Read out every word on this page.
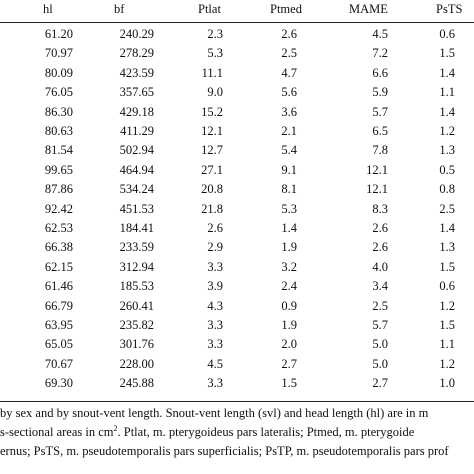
hl	bf	Ptlat	Ptmed	MAME	PsTS
61.20	240.29	2.3	2.6	4.5	0.6
70.97	278.29	5.3	2.5	7.2	1.5
80.09	423.59	11.1	4.7	6.6	1.4
76.05	357.65	9.0	5.6	5.9	1.1
86.30	429.18	15.2	3.6	5.7	1.4
80.63	411.29	12.1	2.1	6.5	1.2
81.54	502.94	12.7	5.4	7.8	1.3
99.65	464.94	27.1	9.1	12.1	0.5
87.86	534.24	20.8	8.1	12.1	0.8
92.42	451.53	21.8	5.3	8.3	2.5
62.53	184.41	2.6	1.4	2.6	1.4
66.38	233.59	2.9	1.9	2.6	1.3
62.15	312.94	3.3	3.2	4.0	1.5
61.46	185.53	3.9	2.4	3.4	0.6
66.79	260.41	4.3	0.9	2.5	1.2
63.95	235.82	3.3	1.9	5.7	1.5
65.05	301.76	3.3	2.0	5.0	1.1
70.67	228.00	4.5	2.7	5.0	1.2
69.30	245.88	3.3	1.5	2.7	1.0
by sex and by snout-vent length. Snout-vent length (svl) and head length (hl) are in m
s-sectional areas in $cm^2$. Ptlat, m. pterygoideus pars lateralis; Ptmed, m. pterygoide
ernus; PsTS, m. pseudotemporalis pars superficialis; PsTP, m. pseudotemporalis pars prof
